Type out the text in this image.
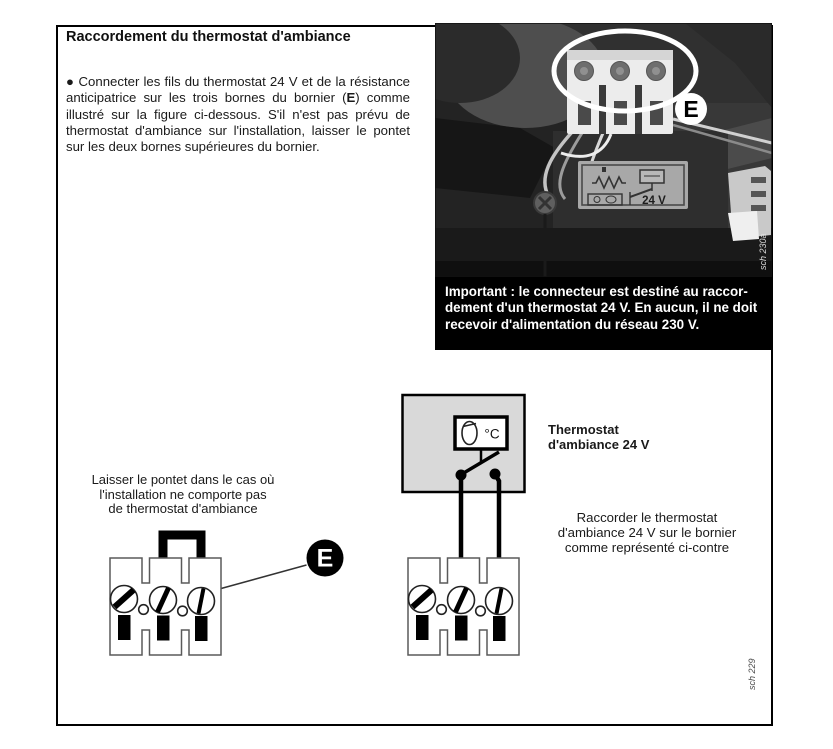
Raccordement du thermostat d'ambiance

● Connecter les fils du thermostat 24 V et de la résistance anticipatrice sur les trois bornes du bornier (E) comme illustré sur la figure ci-dessous. S'il n'est pas prévu de thermostat d'ambiance sur l'installation, laisser le pontet sur les deux bornes supérieures du bornier.

E
24 V
sch 230a
Important : le connecteur est destiné au raccor-
dement d'un thermostat 24 V. En aucun, il ne doit
recevoir d'alimentation du réseau 230 V.
Laisser le pontet dans le cas où
l'installation ne comporte pas
de thermostat d'ambiance
E
°C	Thermostat
d'ambiance 24 V
Raccorder le thermostat
d'ambiance 24 V sur le bornier
comme représenté ci-contre
sch 229
